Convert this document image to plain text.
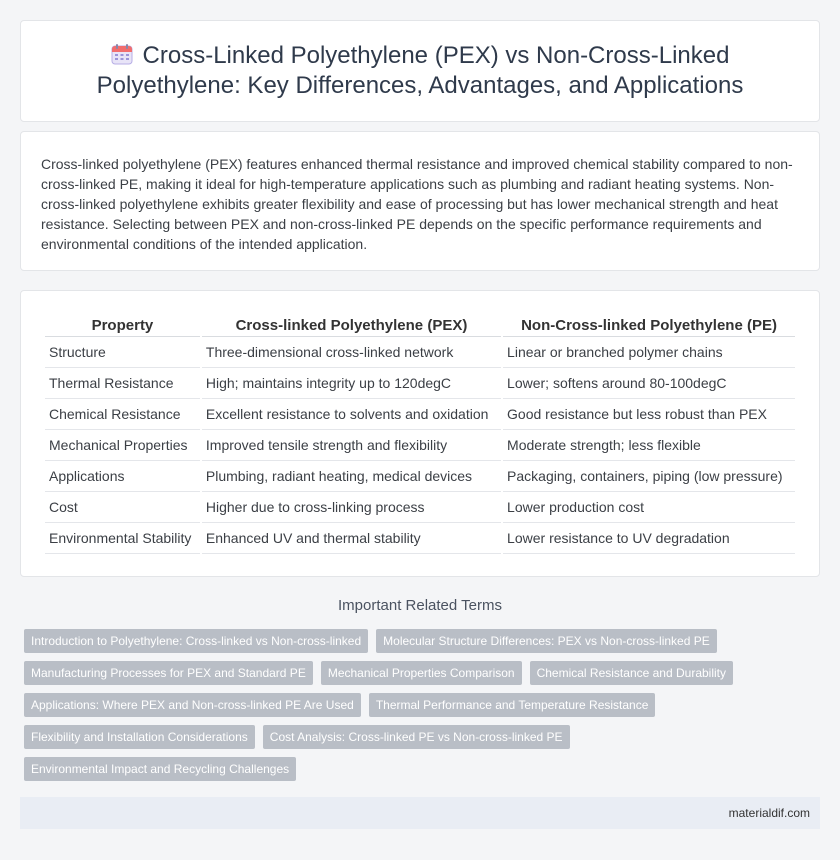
Cross-Linked Polyethylene (PEX) vs Non-Cross-Linked Polyethylene: Key Differences, Advantages, and Applications

Cross-linked polyethylene (PEX) features enhanced thermal resistance and improved chemical stability compared to non-cross-linked PE, making it ideal for high-temperature applications such as plumbing and radiant heating systems. Non-cross-linked polyethylene exhibits greater flexibility and ease of processing but has lower mechanical strength and heat resistance. Selecting between PEX and non-cross-linked PE depends on the specific performance requirements and environmental conditions of the intended application.

Property	Cross-linked Polyethylene (PEX)	Non-Cross-linked Polyethylene (PE)
Structure	Three-dimensional cross-linked network	Linear or branched polymer chains
Thermal Resistance	High; maintains integrity up to 120degC	Lower; softens around 80-100degC
Chemical Resistance	Excellent resistance to solvents and oxidation	Good resistance but less robust than PEX
Mechanical Properties	Improved tensile strength and flexibility	Moderate strength; less flexible
Applications	Plumbing, radiant heating, medical devices	Packaging, containers, piping (low pressure)
Cost	Higher due to cross-linking process	Lower production cost
Environmental Stability	Enhanced UV and thermal stability	Lower resistance to UV degradation
Important Related Terms
Introduction to Polyethylene: Cross-linked vs Non-cross-linked	Molecular Structure Differences: PEX vs Non-cross-linked PE
Manufacturing Processes for PEX and Standard PE	Mechanical Properties Comparison	Chemical Resistance and Durability
Applications: Where PEX and Non-cross-linked PE Are Used	Thermal Performance and Temperature Resistance
Flexibility and Installation Considerations	Cost Analysis: Cross-linked PE vs Non-cross-linked PE
Environmental Impact and Recycling Challenges
materialdif.com
